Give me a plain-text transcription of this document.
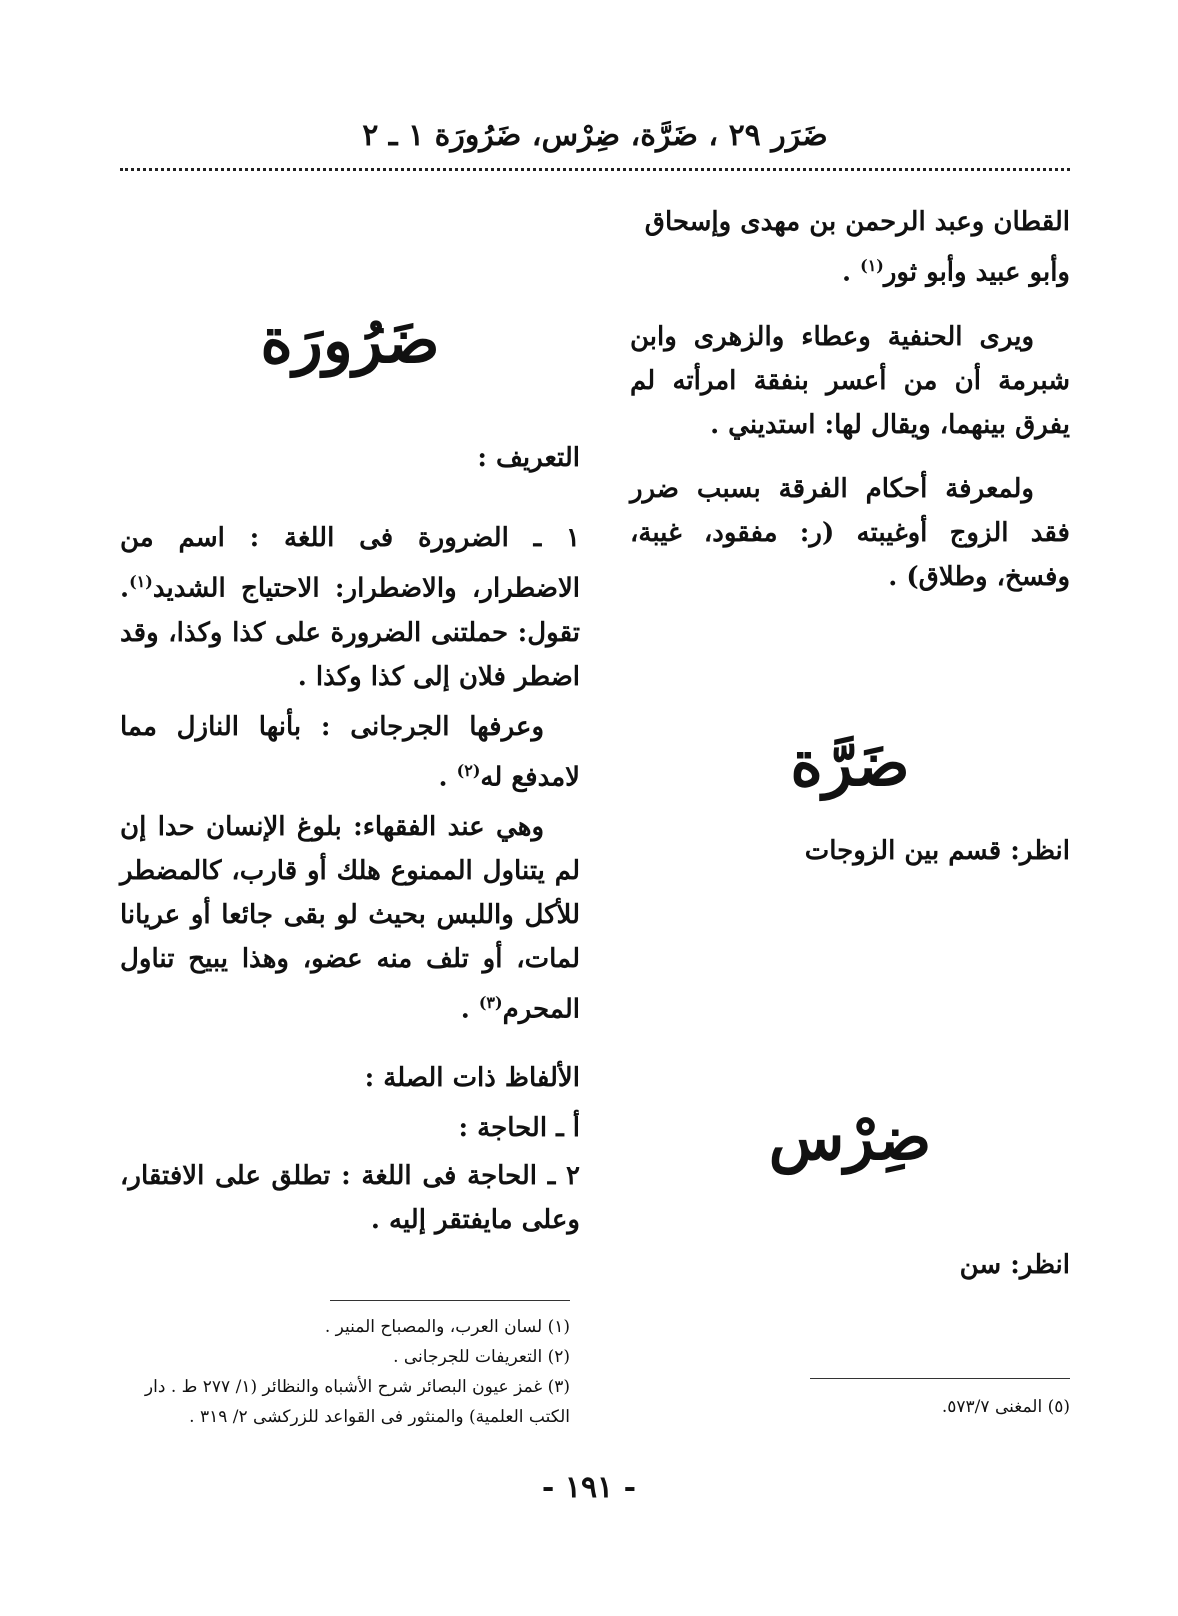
ضَرَر ٢٩ ، ضَرَّة، ضِرْس، ضَرُورَة ١ ـ ٢

القطان وعبد الرحمن بن مهدى وإسحاق
وأبو عبيد وأبو ثور$^{(١)}$ .

ويرى الحنفية وعطاء والزهرى وابن شبرمة أن من أعسر بنفقة امرأته لم يفرق بينهما، ويقال لها: استديني .

ولمعرفة أحكام الفرقة بسبب ضرر فقد الزوج أوغيبته (ر: مفقود، غيبة، وفسخ، وطلاق) .

ضَرَّة

انظر: قسم بين الزوجات

ضِرْس

انظر: سن

(٥) المغنى ٥٧٣/٧.

ضَرُورَة

التعريف :

١ ـ الضرورة فى اللغة : اسم من الاضطرار، والاضطرار: الاحتياج الشديد$^{(١)}$. تقول: حملتنى الضرورة على كذا وكذا، وقد اضطر فلان إلى كذا وكذا .

وعرفها الجرجانى : بأنها النازل مما لامدفع له$^{(٢)}$ .

وهي عند الفقهاء: بلوغ الإنسان حدا إن لم يتناول الممنوع هلك أو قارب، كالمضطر للأكل واللبس بحيث لو بقى جائعا أو عريانا لمات، أو تلف منه عضو، وهذا يبيح تناول المحرم$^{(٣)}$ .

الألفاظ ذات الصلة :

أ ـ الحاجة :

٢ ـ الحاجة فى اللغة : تطلق على الافتقار، وعلى مايفتقر إليه .

(١) لسان العرب، والمصباح المنير .
(٢) التعريفات للجرجانى .
(٣) غمز عيون البصائر شرح الأشباه والنظائر (١/ ٢٧٧ ط . دار الكتب العلمية) والمنثور فى القواعد للزركشى ٢/ ٣١٩ .
- ١٩١ -
